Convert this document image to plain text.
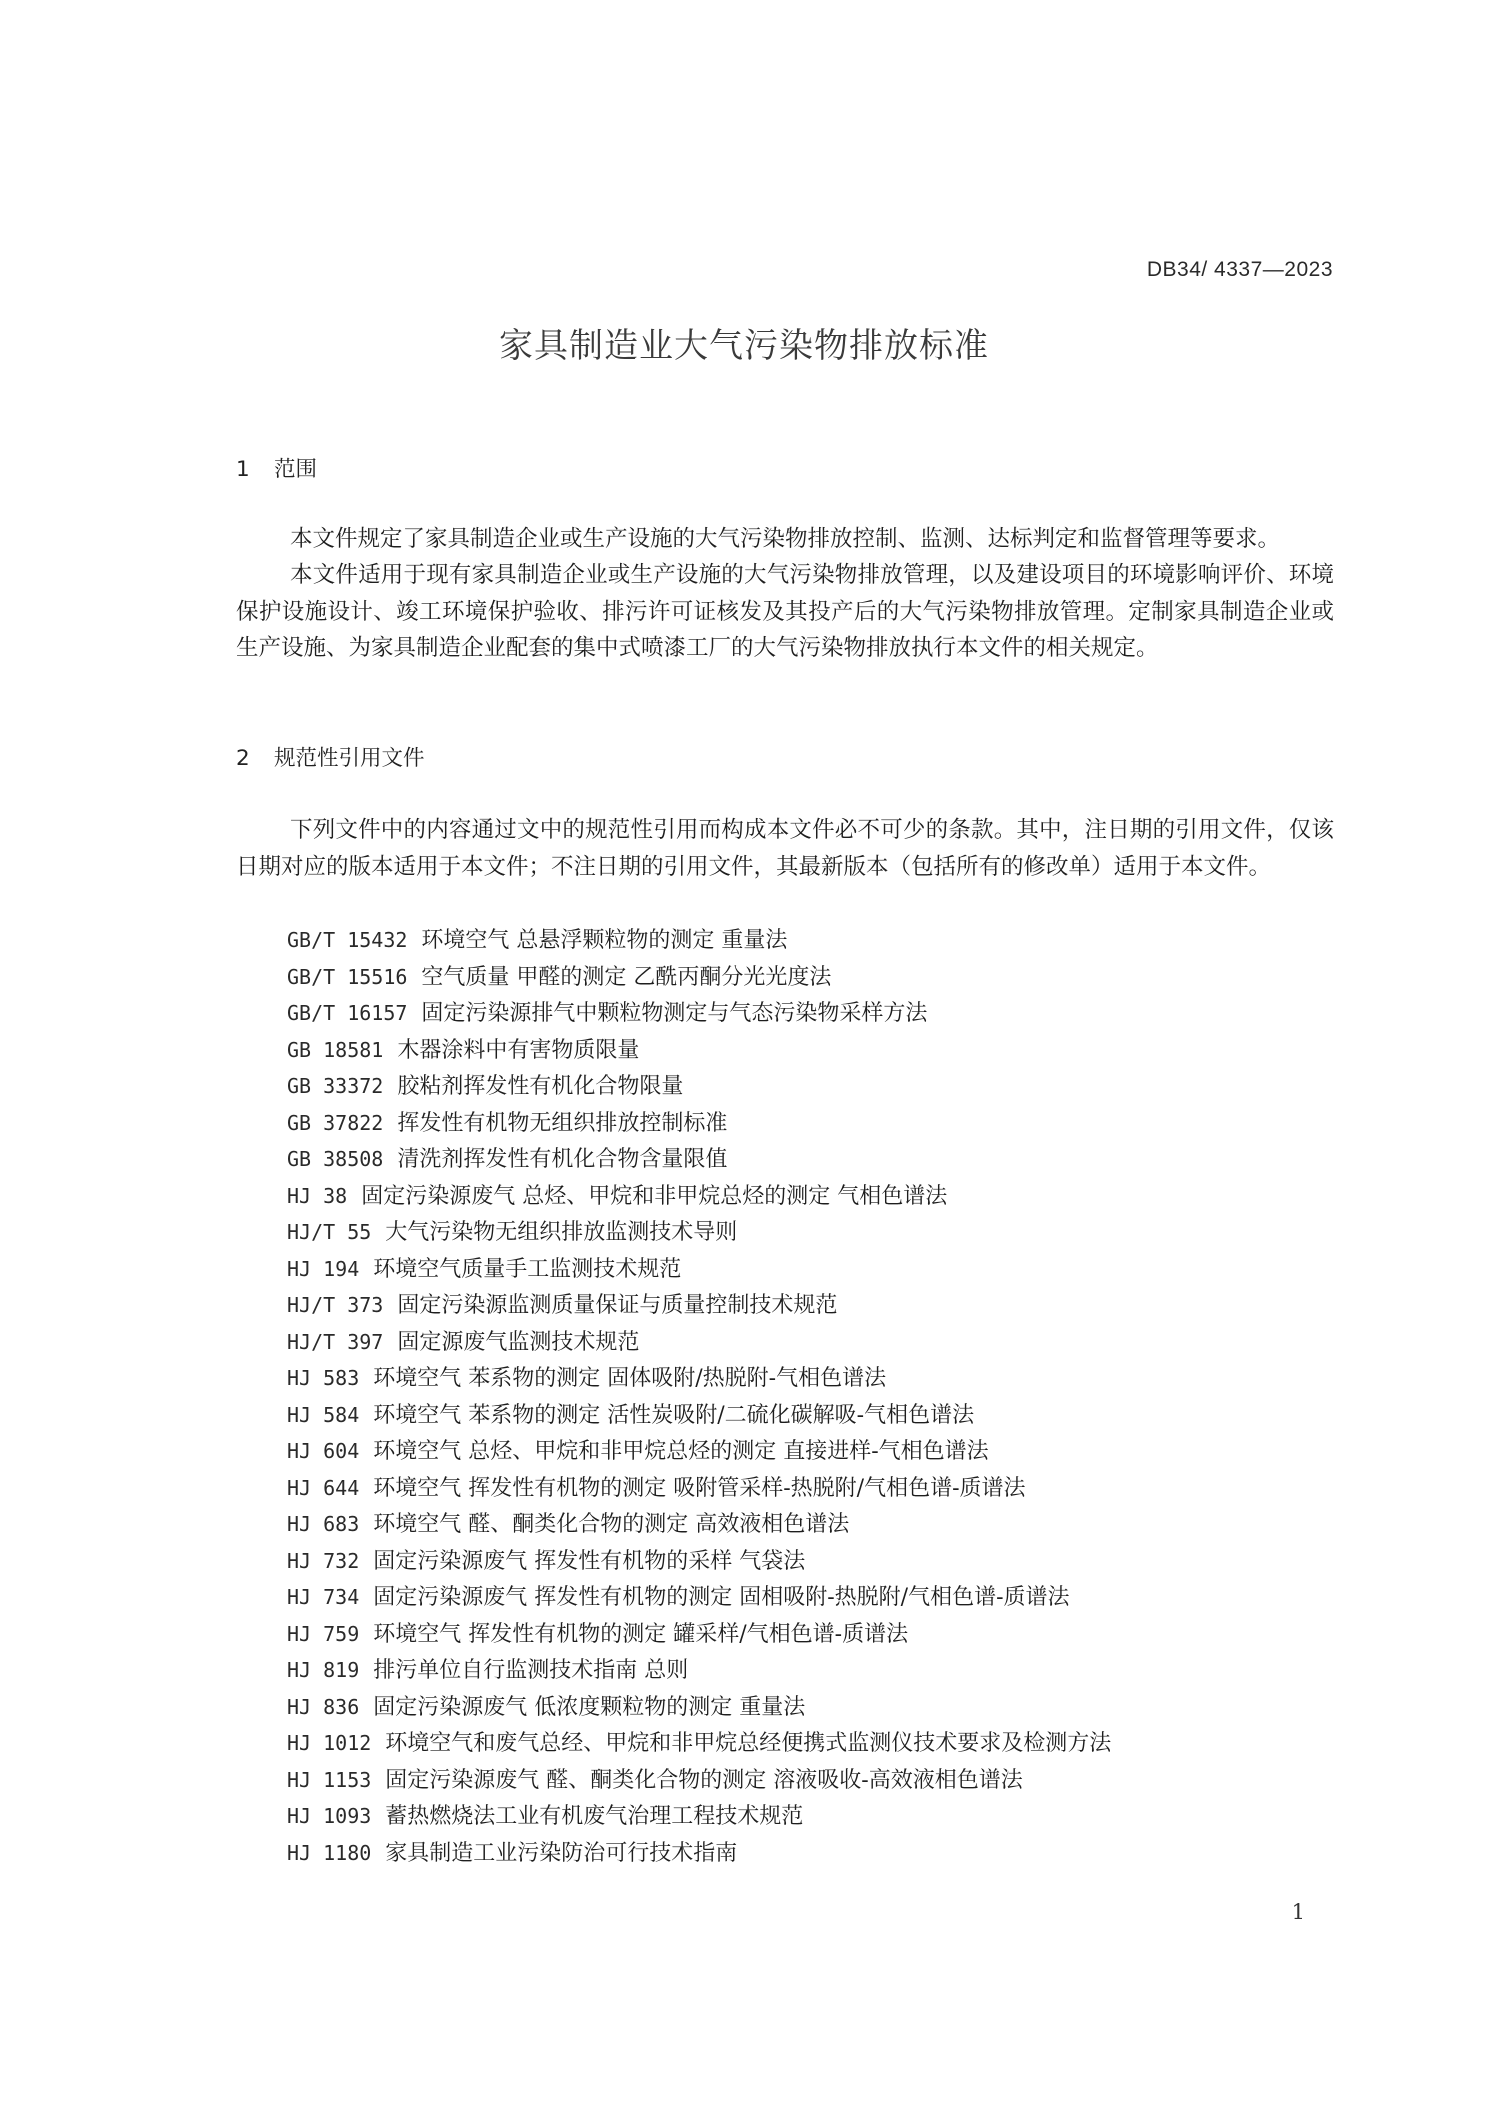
DB34/ 4337—2023
家具制造业大气污染物排放标准
1 范围

本文件规定了家具制造企业或生产设施的大气污染物排放控制、监测、达标判定和监督管理等要求。

本文件适用于现有家具制造企业或生产设施的大气污染物排放管理，以及建设项目的环境影响评价、环境保护设施设计、竣工环境保护验收、排污许可证核发及其投产后的大气污染物排放管理。定制家具制造企业或生产设施、为家具制造企业配套的集中式喷漆工厂的大气污染物排放执行本文件的相关规定。

2 规范性引用文件

下列文件中的内容通过文中的规范性引用而构成本文件必不可少的条款。其中，注日期的引用文件，仅该日期对应的版本适用于本文件；不注日期的引用文件，其最新版本（包括所有的修改单）适用于本文件。

GB/T 15432 环境空气 总悬浮颗粒物的测定 重量法
GB/T 15516 空气质量 甲醛的测定 乙酰丙酮分光光度法
GB/T 16157 固定污染源排气中颗粒物测定与气态污染物采样方法
GB 18581 木器涂料中有害物质限量
GB 33372 胶粘剂挥发性有机化合物限量
GB 37822 挥发性有机物无组织排放控制标准
GB 38508 清洗剂挥发性有机化合物含量限值
HJ 38 固定污染源废气 总烃、甲烷和非甲烷总烃的测定 气相色谱法
HJ/T 55 大气污染物无组织排放监测技术导则
HJ 194 环境空气质量手工监测技术规范
HJ/T 373 固定污染源监测质量保证与质量控制技术规范
HJ/T 397 固定源废气监测技术规范
HJ 583 环境空气 苯系物的测定 固体吸附/热脱附-气相色谱法
HJ 584 环境空气 苯系物的测定 活性炭吸附/二硫化碳解吸-气相色谱法
HJ 604 环境空气 总烃、甲烷和非甲烷总烃的测定 直接进样-气相色谱法
HJ 644 环境空气 挥发性有机物的测定 吸附管采样-热脱附/气相色谱-质谱法
HJ 683 环境空气 醛、酮类化合物的测定 高效液相色谱法
HJ 732 固定污染源废气 挥发性有机物的采样 气袋法
HJ 734 固定污染源废气 挥发性有机物的测定 固相吸附-热脱附/气相色谱-质谱法
HJ 759 环境空气 挥发性有机物的测定 罐采样/气相色谱-质谱法
HJ 819 排污单位自行监测技术指南 总则
HJ 836 固定污染源废气 低浓度颗粒物的测定 重量法
HJ 1012 环境空气和废气总经、甲烷和非甲烷总经便携式监测仪技术要求及检测方法
HJ 1153 固定污染源废气 醛、酮类化合物的测定 溶液吸收-高效液相色谱法
HJ 1093 蓄热燃烧法工业有机废气治理工程技术规范
HJ 1180 家具制造工业污染防治可行技术指南
1
